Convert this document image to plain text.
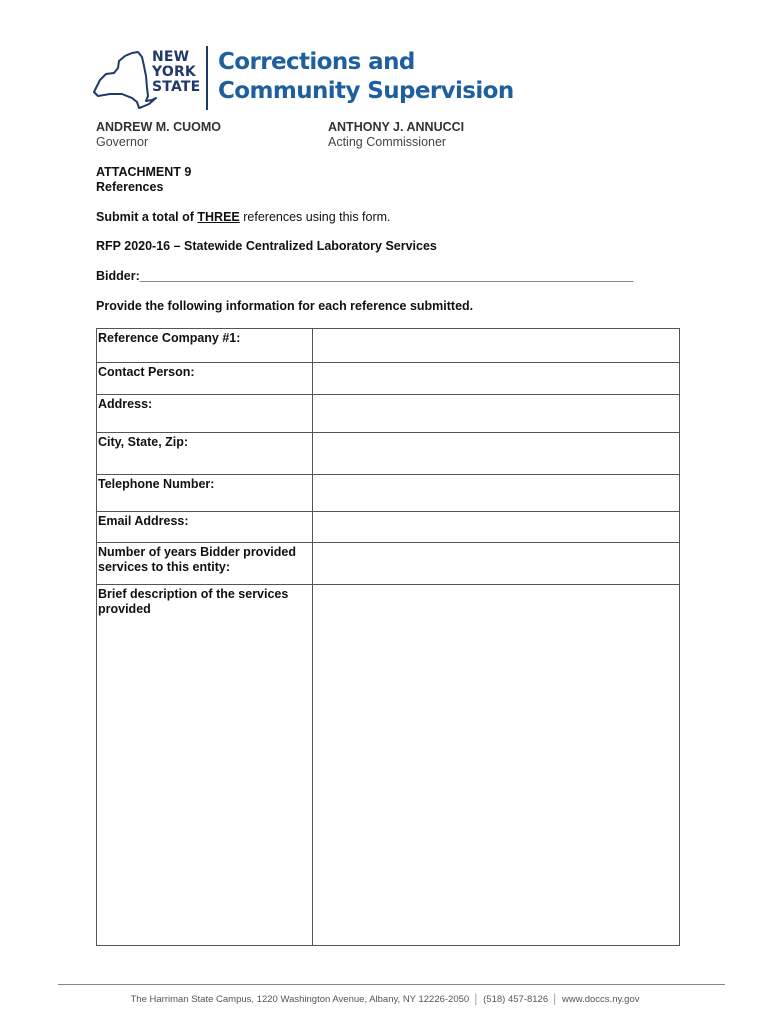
NEW
YORK
STATE
Corrections and
Community Supervision
ANDREW M. CUOMO
Governor
ANTHONY J. ANNUCCI
Acting Commissioner
ATTACHMENT 9
References
Submit a total of THREE references using this form.
RFP 2020-16 – Statewide Centralized Laboratory Services
Bidder:_______________________________________________________________________
Provide the following information for each reference submitted.
Reference Company #1:	
Contact Person:	
Address:	
City, State, Zip:	
Telephone Number:	
Email Address:	
Number of years Bidder provided services to this entity:	
Brief description of the services provided	
The Harriman State Campus, 1220 Washington Avenue, Albany, NY 12226-2050 │ (518) 457-8126 │ www.doccs.ny.gov
